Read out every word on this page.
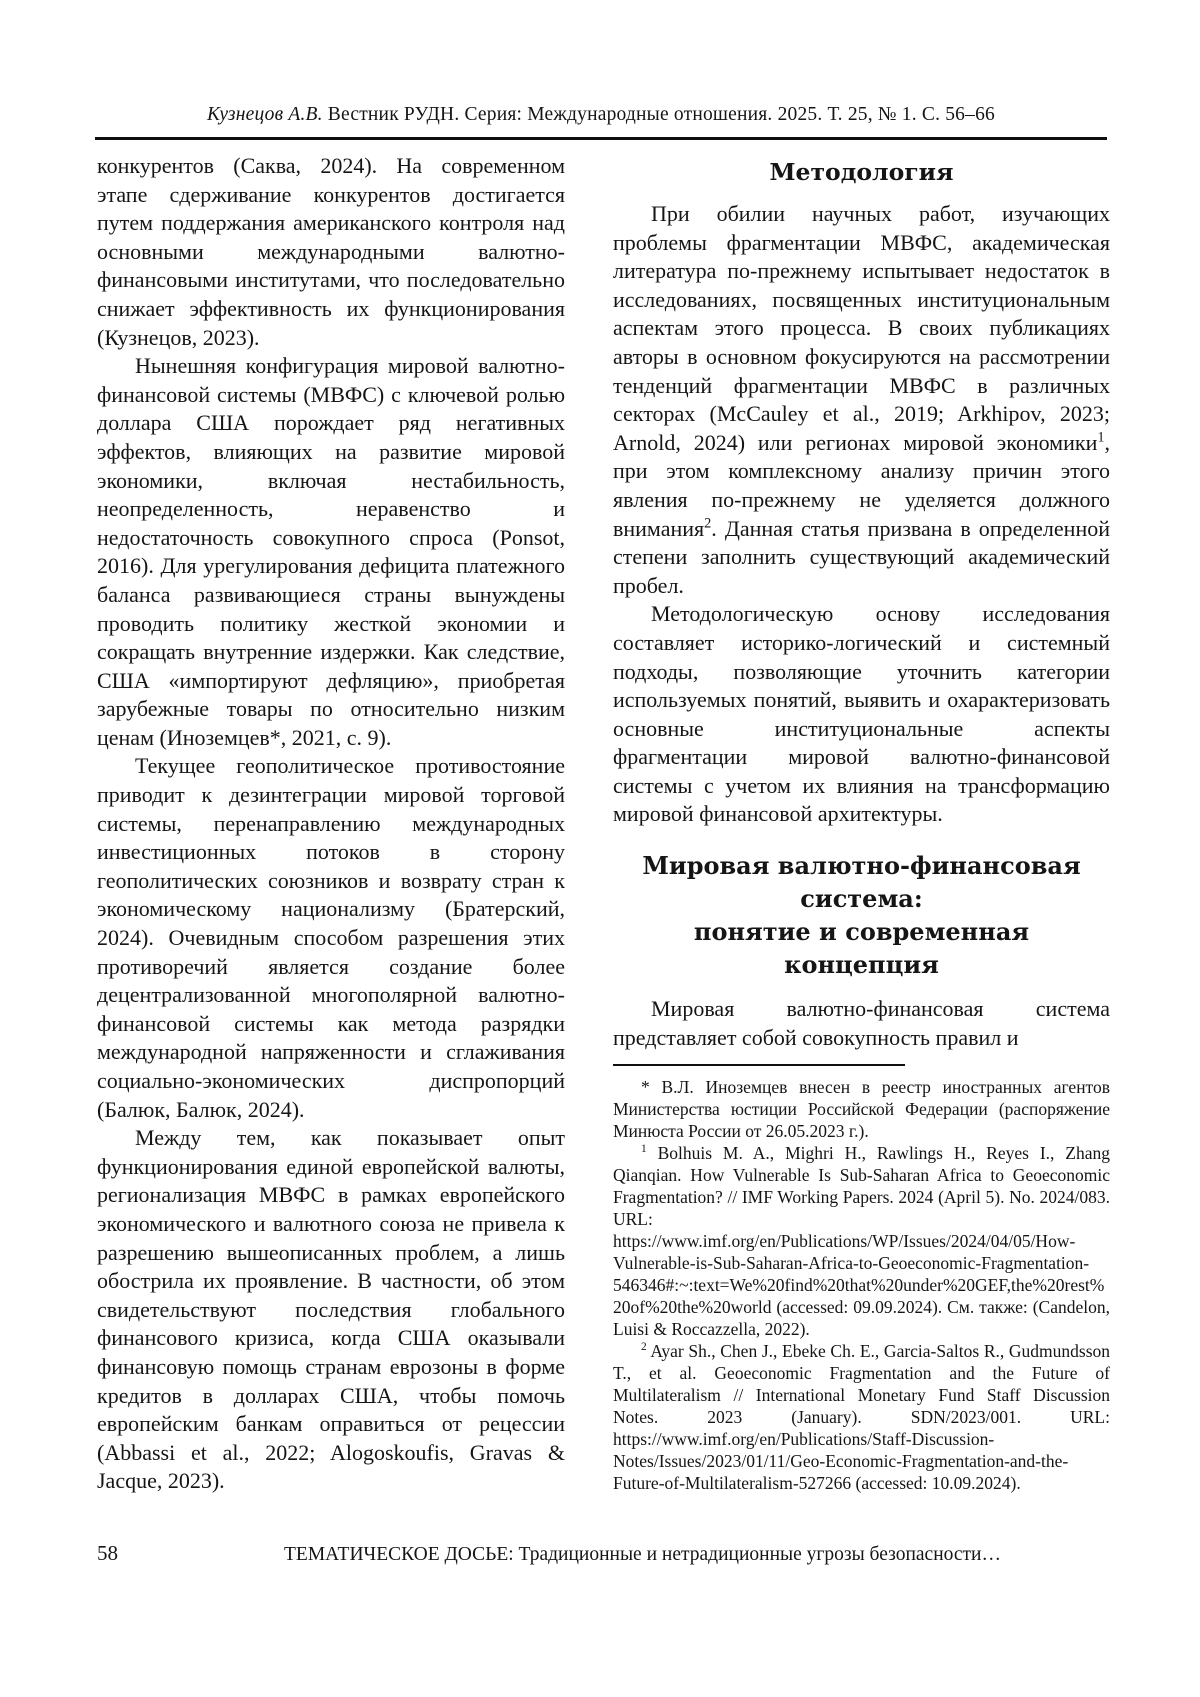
Кузнецов А.В. Вестник РУДН. Серия: Международные отношения. 2025. Т. 25, № 1. С. 56–66

конкурентов (Саква, 2024). На современном этапе сдерживание конкурентов достигается путем поддержания американского контроля над основными международными валютно-финансовыми институтами, что последовательно снижает эффективность их функционирования (Кузнецов, 2023).

Нынешняя конфигурация мировой валютно-финансовой системы (МВФС) с ключевой ролью доллара США порождает ряд негативных эффектов, влияющих на развитие мировой экономики, включая нестабильность, неопределенность, неравенство и недостаточность совокупного спроса (Ponsot, 2016). Для урегулирования дефицита платежного баланса развивающиеся страны вынуждены проводить политику жесткой экономии и сокращать внутренние издержки. Как следствие, США «импортируют дефляцию», приобретая зарубежные товары по относительно низким ценам (Иноземцев*, 2021, с. 9).

Текущее геополитическое противостояние приводит к дезинтеграции мировой торговой системы, перенаправлению международных инвестиционных потоков в сторону геополитических союзников и возврату стран к экономическому национализму (Братерский, 2024). Очевидным способом разрешения этих противоречий является создание более децентрализованной многополярной валютно-финансовой системы как метода разрядки международной напряженности и сглаживания социально-экономических диспропорций (Балюк, Балюк, 2024).

Между тем, как показывает опыт функционирования единой европейской валюты, регионализация МВФС в рамках европейского экономического и валютного союза не привела к разрешению вышеописанных проблем, а лишь обострила их проявление. В частности, об этом свидетельствуют последствия глобального финансового кризиса, когда США оказывали финансовую помощь странам еврозоны в форме кредитов в долларах США, чтобы помочь европейским банкам оправиться от рецессии (Abbassi et al., 2022; Alogoskoufis, Gravas & Jacque, 2023).

Методология

При обилии научных работ, изучающих проблемы фрагментации МВФС, академическая литература по-прежнему испытывает недостаток в исследованиях, посвященных институциональным аспектам этого процесса. В своих публикациях авторы в основном фокусируются на рассмотрении тенденций фрагментации МВФС в различных секторах (McCauley et al., 2019; Arkhipov, 2023; Arnold, 2024) или регионах мировой экономики$^1$, при этом комплексному анализу причин этого явления по-прежнему не уделяется должного внимания$^2$. Данная статья призвана в определенной степени заполнить существующий академический пробел.

Методологическую основу исследования составляет историко-логический и системный подходы, позволяющие уточнить категории используемых понятий, выявить и охарактеризовать основные институциональные аспекты фрагментации мировой валютно-финансовой системы с учетом их влияния на трансформацию мировой финансовой архитектуры.

Мировая валютно-финансовая система:
понятие и современная концепция

Мировая валютно-финансовая система представляет собой совокупность правил и

* В.Л. Иноземцев внесен в реестр иностранных агентов Министерства юстиции Российской Федерации (распоряжение Минюста России от 26.05.2023 г.).

$^1$ Bolhuis M. A., Mighri H., Rawlings H., Reyes I., Zhang Qianqian. How Vulnerable Is Sub-Saharan Africa to Geoeconomic Fragmentation? // IMF Working Papers. 2024 (April 5). No. 2024/083. URL: https://www.imf.org/en/Publications/WP/Issues/2024/04/05/How-Vulnerable-is-Sub-Saharan-Africa-to-Geoeconomic-Fragmentation-546346#:~:text=We%20find%20that%20under%20GEF,the%20rest%20of%20the%20world (accessed: 09.09.2024). См. также: (Candelon, Luisi & Roccazzella, 2022).

$^2$ Ayar Sh., Chen J., Ebeke Ch. E., Garcia-Saltos R., Gudmundsson T., et al. Geoeconomic Fragmentation and the Future of Multilateralism // International Monetary Fund Staff Discussion Notes. 2023 (January). SDN/2023/001. URL: https://www.imf.org/en/Publications/Staff-Discussion-Notes/Issues/2023/01/11/Geo-Economic-Fragmentation-and-the-Future-of-Multilateralism-527266 (accessed: 10.09.2024).

58	ТЕМАТИЧЕСКОЕ ДОСЬЕ: Традиционные и нетрадиционные угрозы безопасности…
